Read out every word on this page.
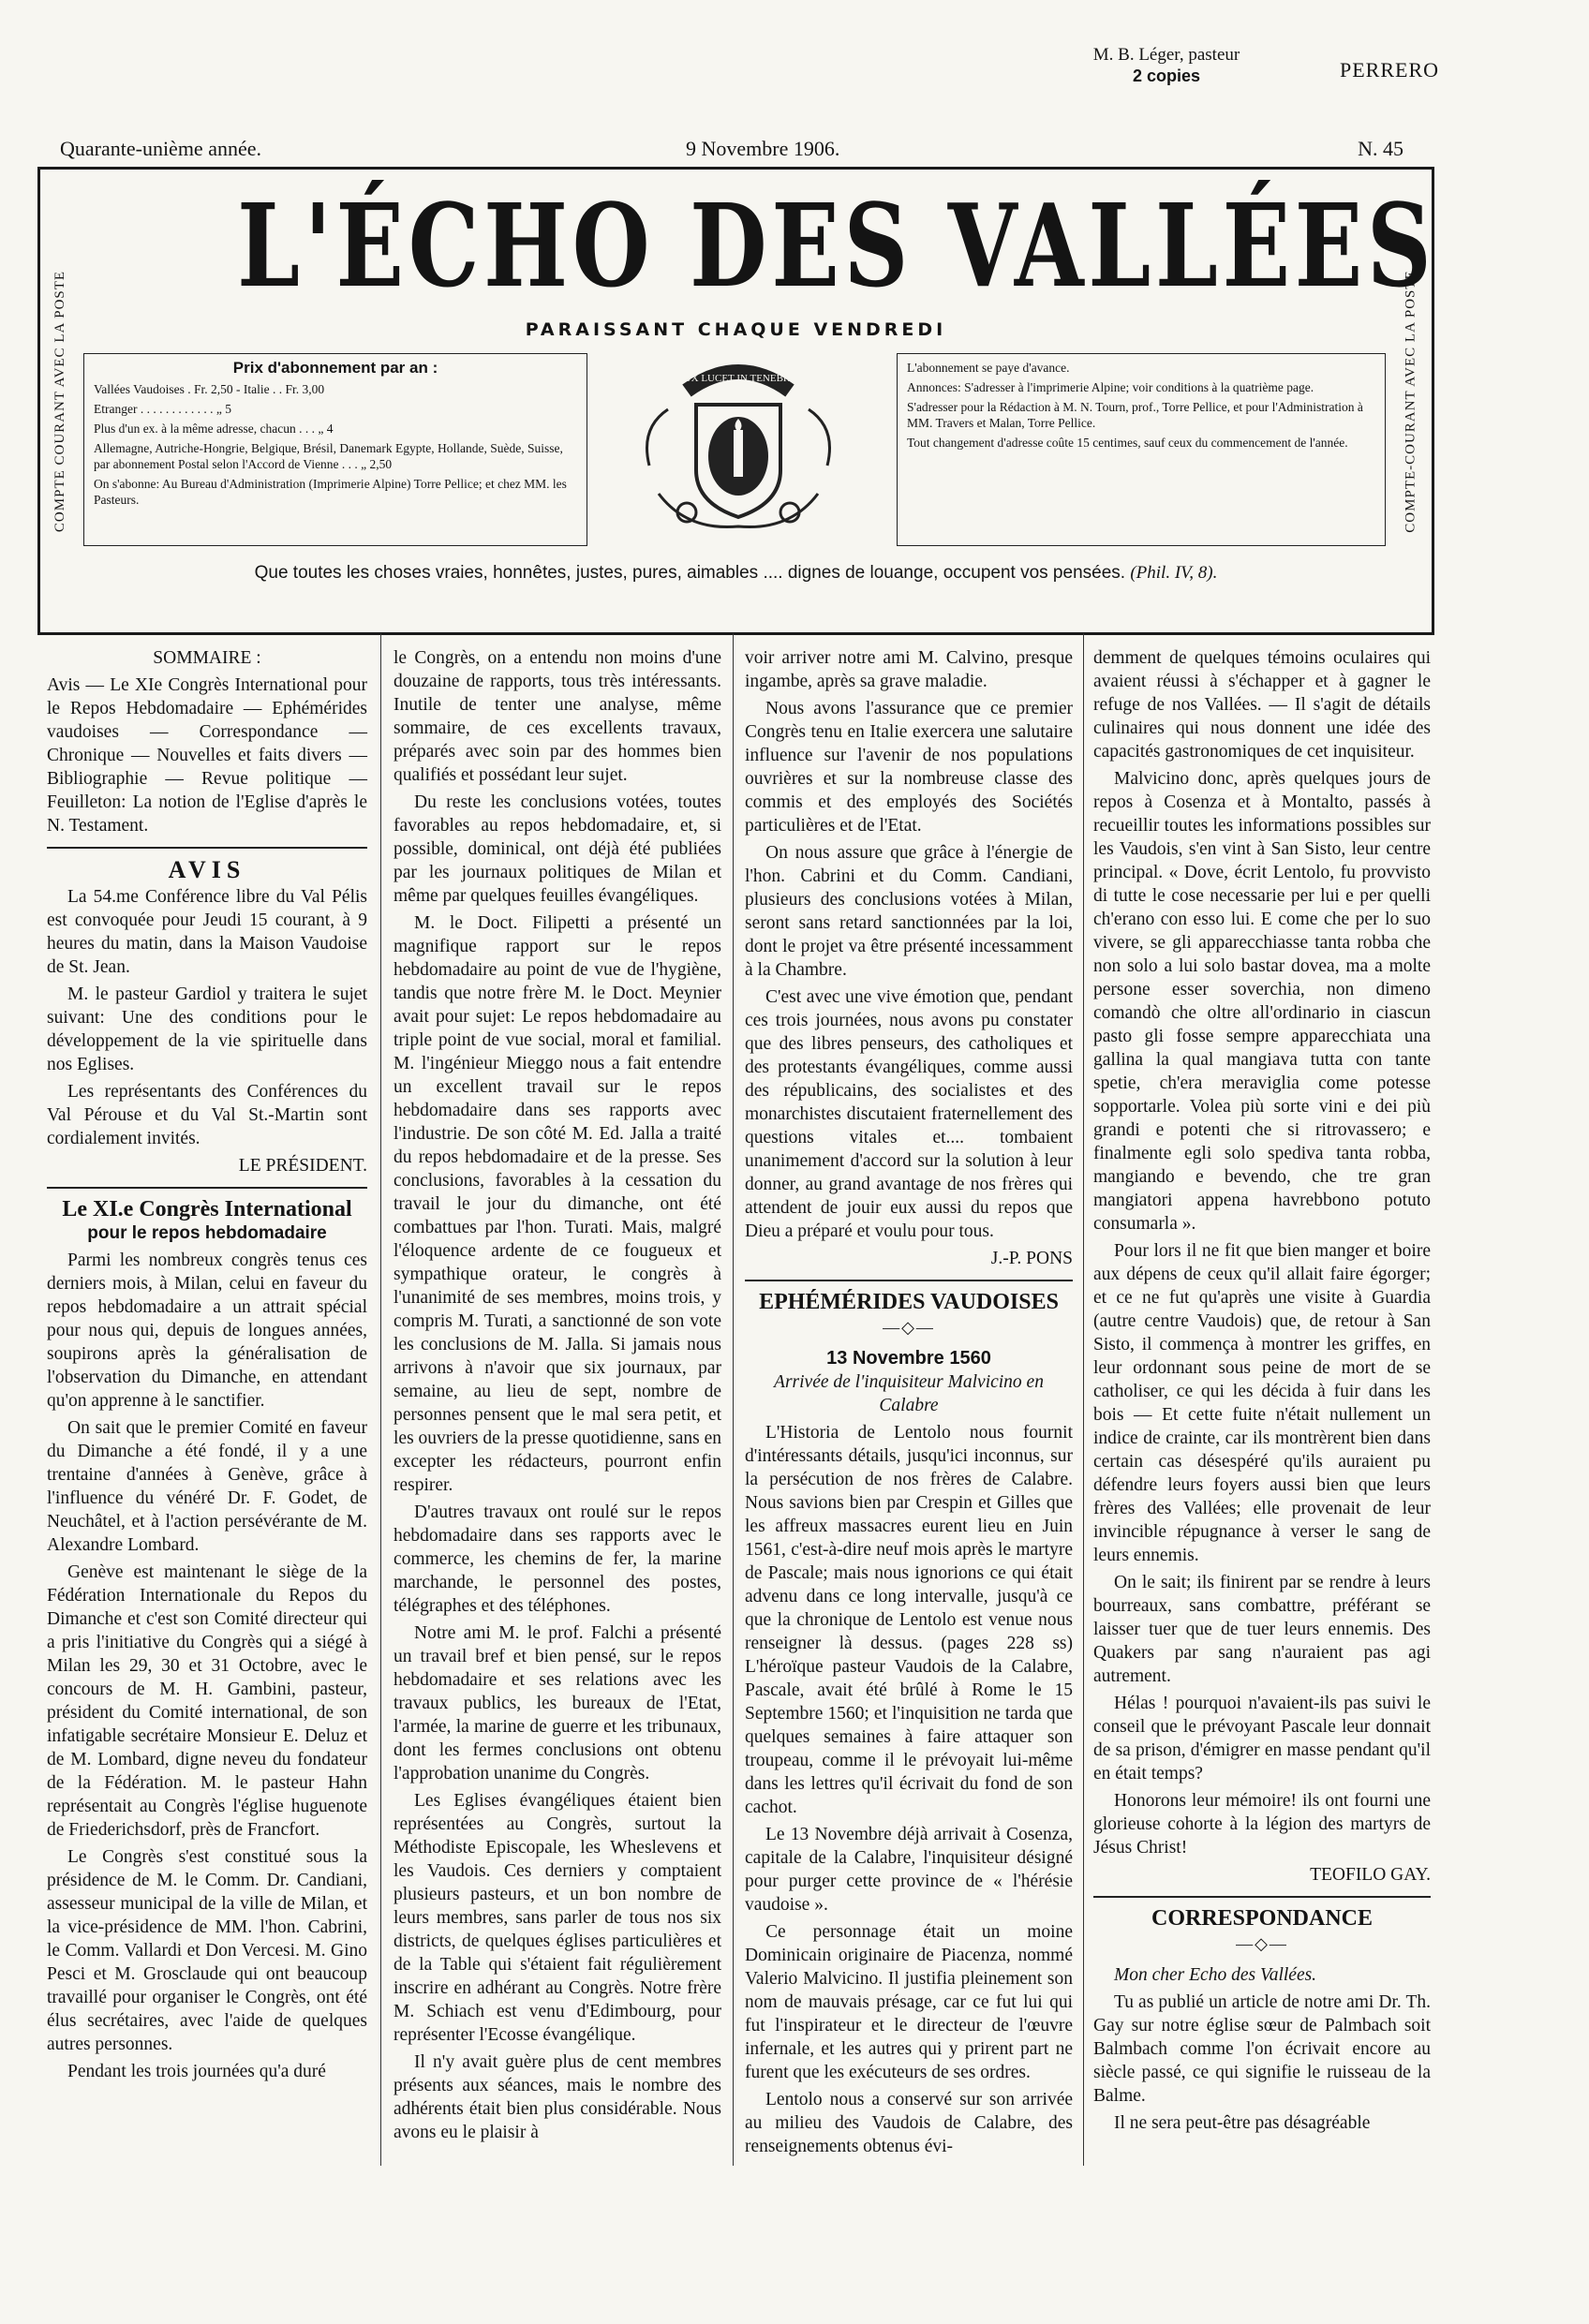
M. B. Léger, pasteur
2 copies	PERRERO
Quarante-unième année.	9 Novembre 1906.	N. 45
COMPTE COURANT AVEC LA POSTE	COMPTE-COURANT AVEC LA POSTE
L'ÉCHO DES VALLÉES
PARAISSANT CHAQUE VENDREDI
Prix d'abonnement par an :

Vallées Vaudoises . Fr. 2,50 - Italie . . Fr. 3,00

Etranger . . . . . . . . . . . . „ 5

Plus d'un ex. à la même adresse, chacun . . . „ 4

Allemagne, Autriche-Hongrie, Belgique, Brésil, Danemark Egypte, Hollande, Suède, Suisse, par abonnement Postal selon l'Accord de Vienne . . . „ 2,50

On s'abonne: Au Bureau d'Administration (Imprimerie Alpine) Torre Pellice; et chez MM. les Pasteurs.

LUX LUCET IN TENEBRIS

L'abonnement se paye d'avance.

Annonces: S'adresser à l'imprimerie Alpine; voir conditions à la quatrième page.

S'adresser pour la Rédaction à M. N. Tourn, prof., Torre Pellice, et pour l'Administration à MM. Travers et Malan, Torre Pellice.

Tout changement d'adresse coûte 15 centimes, sauf ceux du commencement de l'année.

Que toutes les choses vraies, honnêtes, justes, pures, aimables .... dignes de louange, occupent vos pensées. (Phil. IV, 8).

SOMMAIRE :

Avis — Le XIe Congrès International pour le Repos Hebdomadaire — Ephémérides vaudoises — Correspondance — Chronique — Nouvelles et faits divers — Bibliographie — Revue politique — Feuilleton: La notion de l'Eglise d'après le N. Testament.

AVIS

La 54.me Conférence libre du Val Pélis est convoquée pour Jeudi 15 courant, à 9 heures du matin, dans la Maison Vaudoise de St. Jean.

M. le pasteur Gardiol y traitera le sujet suivant: Une des conditions pour le développement de la vie spirituelle dans nos Eglises.

Les représentants des Conférences du Val Pérouse et du Val St.-Martin sont cordialement invités.

LE PRÉSIDENT.

Le XI.e Congrès International

pour le repos hebdomadaire

Parmi les nombreux congrès tenus ces derniers mois, à Milan, celui en faveur du repos hebdomadaire a un attrait spécial pour nous qui, depuis de longues années, soupirons après la généralisation de l'observation du Dimanche, en attendant qu'on apprenne à le sanctifier.

On sait que le premier Comité en faveur du Dimanche a été fondé, il y a une trentaine d'années à Genève, grâce à l'influence du vénéré Dr. F. Godet, de Neuchâtel, et à l'action persévérante de M. Alexandre Lombard.

Genève est maintenant le siège de la Fédération Internationale du Repos du Dimanche et c'est son Comité directeur qui a pris l'initiative du Congrès qui a siégé à Milan les 29, 30 et 31 Octobre, avec le concours de M. H. Gambini, pasteur, président du Comité international, de son infatigable secrétaire Monsieur E. Deluz et de M. Lombard, digne neveu du fondateur de la Fédération. M. le pasteur Hahn représentait au Congrès l'église huguenote de Friederichsdorf, près de Francfort.

Le Congrès s'est constitué sous la présidence de M. le Comm. Dr. Candiani, assesseur municipal de la ville de Milan, et la vice-présidence de MM. l'hon. Cabrini, le Comm. Vallardi et Don Vercesi. M. Gino Pesci et M. Grosclaude qui ont beaucoup travaillé pour organiser le Congrès, ont été élus secrétaires, avec l'aide de quelques autres personnes.

Pendant les trois journées qu'a duré

le Congrès, on a entendu non moins d'une douzaine de rapports, tous très intéressants. Inutile de tenter une analyse, même sommaire, de ces excellents travaux, préparés avec soin par des hommes bien qualifiés et possédant leur sujet.

Du reste les conclusions votées, toutes favorables au repos hebdomadaire, et, si possible, dominical, ont déjà été publiées par les journaux politiques de Milan et même par quelques feuilles évangéliques.

M. le Doct. Filipetti a présenté un magnifique rapport sur le repos hebdomadaire au point de vue de l'hygiène, tandis que notre frère M. le Doct. Meynier avait pour sujet: Le repos hebdomadaire au triple point de vue social, moral et familial. M. l'ingénieur Mieggo nous a fait entendre un excellent travail sur le repos hebdomadaire dans ses rapports avec l'industrie. De son côté M. Ed. Jalla a traité du repos hebdomadaire et de la presse. Ses conclusions, favorables à la cessation du travail le jour du dimanche, ont été combattues par l'hon. Turati. Mais, malgré l'éloquence ardente de ce fougueux et sympathique orateur, le congrès à l'unanimité de ses membres, moins trois, y compris M. Turati, a sanctionné de son vote les conclusions de M. Jalla. Si jamais nous arrivons à n'avoir que six journaux, par semaine, au lieu de sept, nombre de personnes pensent que le mal sera petit, et les ouvriers de la presse quotidienne, sans en excepter les rédacteurs, pourront enfin respirer.

D'autres travaux ont roulé sur le repos hebdomadaire dans ses rapports avec le commerce, les chemins de fer, la marine marchande, le personnel des postes, télégraphes et des téléphones.

Notre ami M. le prof. Falchi a présenté un travail bref et bien pensé, sur le repos hebdomadaire et ses relations avec les travaux publics, les bureaux de l'Etat, l'armée, la marine de guerre et les tribunaux, dont les fermes conclusions ont obtenu l'approbation unanime du Congrès.

Les Eglises évangéliques étaient bien représentées au Congrès, surtout la Méthodiste Episcopale, les Wheslevens et les Vaudois. Ces derniers y comptaient plusieurs pasteurs, et un bon nombre de leurs membres, sans parler de tous nos six districts, de quelques églises particulières et de la Table qui s'étaient fait régulièrement inscrire en adhérant au Congrès. Notre frère M. Schiach est venu d'Edimbourg, pour représenter l'Ecosse évangélique.

Il n'y avait guère plus de cent membres présents aux séances, mais le nombre des adhérents était bien plus considérable. Nous avons eu le plaisir à

voir arriver notre ami M. Calvino, presque ingambe, après sa grave maladie.

Nous avons l'assurance que ce premier Congrès tenu en Italie exercera une salutaire influence sur l'avenir de nos populations ouvrières et sur la nombreuse classe des commis et des employés des Sociétés particulières et de l'Etat.

On nous assure que grâce à l'énergie de l'hon. Cabrini et du Comm. Candiani, plusieurs des conclusions votées à Milan, seront sans retard sanctionnées par la loi, dont le projet va être présenté incessamment à la Chambre.

C'est avec une vive émotion que, pendant ces trois journées, nous avons pu constater que des libres penseurs, des catholiques et des protestants évangéliques, comme aussi des républicains, des socialistes et des monarchistes discutaient fraternellement des questions vitales et.... tombaient unanimement d'accord sur la solution à leur donner, au grand avantage de nos frères qui attendent de jouir eux aussi du repos que Dieu a préparé et voulu pour tous.

J.-P. PONS

EPHÉMÉRIDES VAUDOISES

—◇—

13 Novembre 1560

Arrivée de l'inquisiteur Malvicino en Calabre

L'Historia de Lentolo nous fournit d'intéressants détails, jusqu'ici inconnus, sur la persécution de nos frères de Calabre. Nous savions bien par Crespin et Gilles que les affreux massacres eurent lieu en Juin 1561, c'est-à-dire neuf mois après le martyre de Pascale; mais nous ignorions ce qui était advenu dans ce long intervalle, jusqu'à ce que la chronique de Lentolo est venue nous renseigner là dessus. (pages 228 ss) L'héroïque pasteur Vaudois de la Calabre, Pascale, avait été brûlé à Rome le 15 Septembre 1560; et l'inquisition ne tarda que quelques semaines à faire attaquer son troupeau, comme il le prévoyait lui-même dans les lettres qu'il écrivait du fond de son cachot.

Le 13 Novembre déjà arrivait à Cosenza, capitale de la Calabre, l'inquisiteur désigné pour purger cette province de « l'hérésie vaudoise ».

Ce personnage était un moine Dominicain originaire de Piacenza, nommé Valerio Malvicino. Il justifia pleinement son nom de mauvais présage, car ce fut lui qui fut l'inspirateur et le directeur de l'œuvre infernale, et les autres qui y prirent part ne furent que les exécuteurs de ses ordres.

Lentolo nous a conservé sur son arrivée au milieu des Vaudois de Calabre, des renseignements obtenus évi-

demment de quelques témoins oculaires qui avaient réussi à s'échapper et à gagner le refuge de nos Vallées. — Il s'agit de détails culinaires qui nous donnent une idée des capacités gastronomiques de cet inquisiteur.

Malvicino donc, après quelques jours de repos à Cosenza et à Montalto, passés à recueillir toutes les informations possibles sur les Vaudois, s'en vint à San Sisto, leur centre principal. « Dove, écrit Lentolo, fu provvisto di tutte le cose necessarie per lui e per quelli ch'erano con esso lui. E come che per lo suo vivere, se gli apparecchiasse tanta robba che non solo a lui solo bastar dovea, ma a molte persone esser soverchia, non dimeno comandò che oltre all'ordinario in ciascun pasto gli fosse sempre apparecchiata una gallina la qual mangiava tutta con tante spetie, ch'era meraviglia come potesse sopportarle. Volea più sorte vini e dei più grandi e potenti che si ritrovassero; e finalmente egli solo spediva tanta robba, mangiando e bevendo, che tre gran mangiatori appena havrebbono potuto consumarla ».

Pour lors il ne fit que bien manger et boire aux dépens de ceux qu'il allait faire égorger; et ce ne fut qu'après une visite à Guardia (autre centre Vaudois) que, de retour à San Sisto, il commença à montrer les griffes, en leur ordonnant sous peine de mort de se catholiser, ce qui les décida à fuir dans les bois — Et cette fuite n'était nullement un indice de crainte, car ils montrèrent bien dans certain cas désespéré qu'ils auraient pu défendre leurs foyers aussi bien que leurs frères des Vallées; elle provenait de leur invincible répugnance à verser le sang de leurs ennemis.

On le sait; ils finirent par se rendre à leurs bourreaux, sans combattre, préférant se laisser tuer que de tuer leurs ennemis. Des Quakers par sang n'auraient pas agi autrement.

Hélas ! pourquoi n'avaient-ils pas suivi le conseil que le prévoyant Pascale leur donnait de sa prison, d'émigrer en masse pendant qu'il en était temps?

Honorons leur mémoire! ils ont fourni une glorieuse cohorte à la légion des martyrs de Jésus Christ!

TEOFILO GAY.

CORRESPONDANCE

—◇—

Mon cher Echo des Vallées.

Tu as publié un article de notre ami Dr. Th. Gay sur notre église sœur de Palmbach soit Balmbach comme l'on écrivait encore au siècle passé, ce qui signifie le ruisseau de la Balme.

Il ne sera peut-être pas désagréable
